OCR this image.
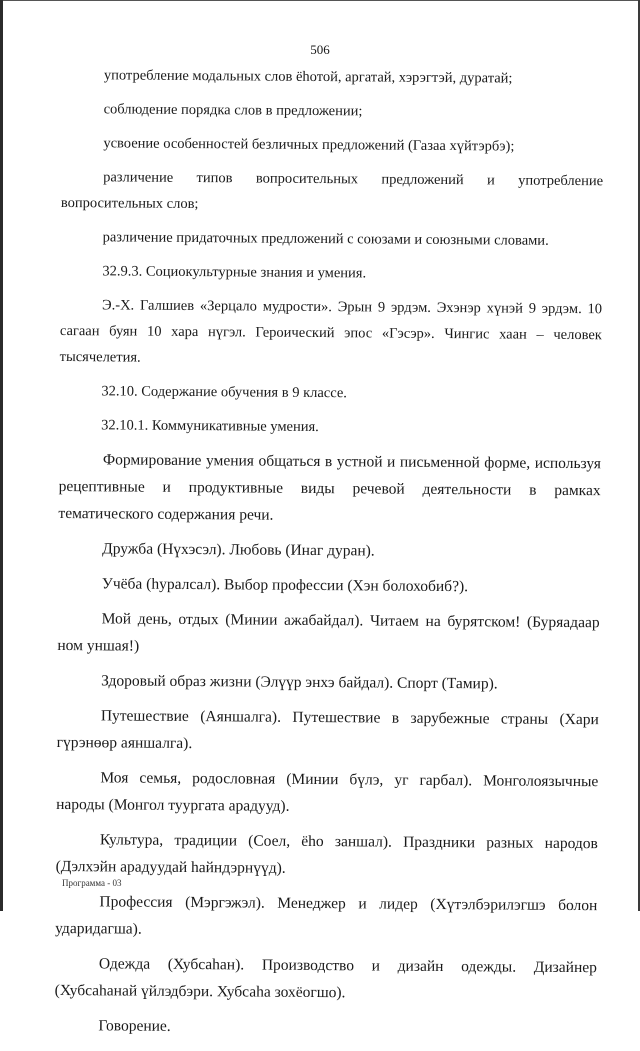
506

употребление модальных слов ёhотой, аргатай, хэрэгтэй, дуратай;

соблюдение порядка слов в предложении;

усвоение особенностей безличных предложений (Газаа хүйтэрбэ);

различение типов вопросительных предложений и употребление вопросительных слов;

различение придаточных предложений с союзами и союзными словами.

32.9.3. Социокультурные знания и умения.

Э.-Х. Галшиев «Зерцало мудрости». Эрын 9 эрдэм. Эхэнэр хүнэй 9 эрдэм. 10 сагаан буян 10 хара нүгэл. Героический эпос «Гэсэр». Чингис хаан – человек тысячелетия.

32.10. Содержание обучения в 9 классе.

32.10.1. Коммуникативные умения.

Формирование умения общаться в устной и письменной форме, используя рецептивные и продуктивные виды речевой деятельности в рамках тематического содержания речи.

Дружба (Нүхэсэл). Любовь (Инаг дуран).

Учёба (hуралсал). Выбор профессии (Хэн болохобиб?).

Мой день, отдых (Минии ажабайдал). Читаем на бурятском! (Буряадаар ном уншая!)

Здоровый образ жизни (Элүүр энхэ байдал). Спорт (Тамир).

Путешествие (Аяншалга). Путешествие в зарубежные страны (Хари гүрэнөөр аяншалга).

Моя семья, родословная (Минии бүлэ, уг гарбал). Монголоязычные народы (Монгол туургата арадууд).

Культура, традиции (Соел, ёhо заншал). Праздники разных народов (Дэлхэйн арадуудай hайндэрнүүд).

Профессия (Мэргэжэл). Менеджер и лидер (Хүтэлбэрилэгшэ болон ударидагша).

Одежда (Хубсаhан). Производство и дизайн одежды. Дизайнер (Хубсаhанай үйлэдбэри. Хубсаhа зохёогшо).

Говорение.

Программа - 03
